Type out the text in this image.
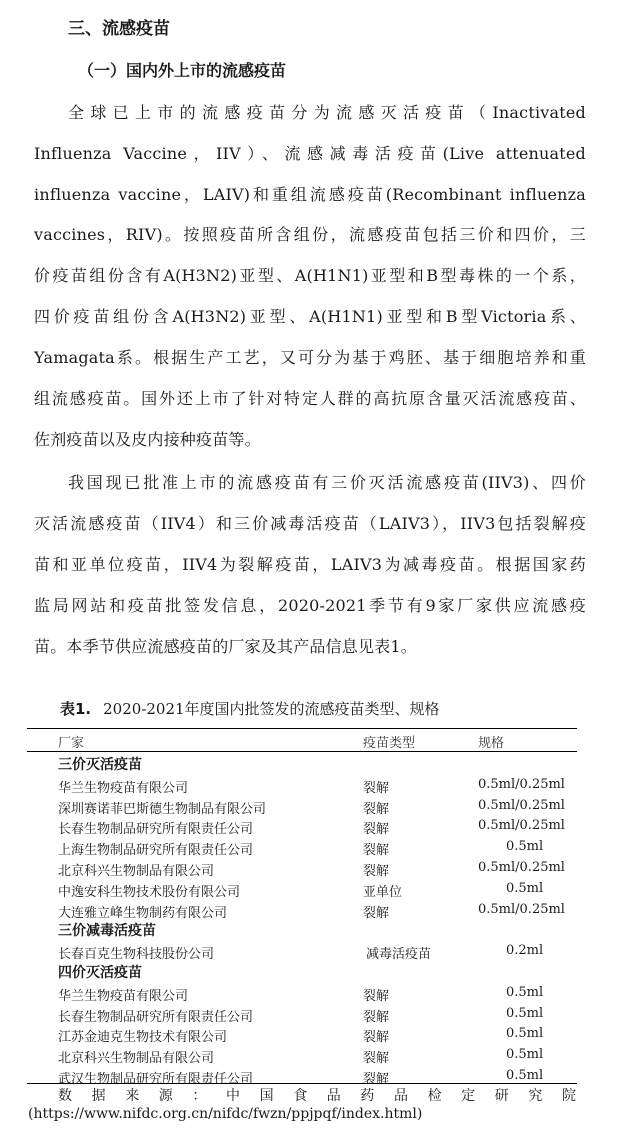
三、流感疫苗
（一）国内外上市的流感疫苗
全球已上市的流感疫苗分为流感灭活疫苗（Inactivated
Influenza Vaccine，IIV）、流感减毒活疫苗(Live attenuated
influenza vaccine，LAIV)和重组流感疫苗(Recombinant influenza
vaccines，RIV)。按照疫苗所含组份，流感疫苗包括三价和四价，三
价疫苗组份含有A(H3N2)亚型、A(H1N1)亚型和B型毒株的一个系，
四价疫苗组份含A(H3N2)亚型、A(H1N1)亚型和B型Victoria系、
Yamagata系。根据生产工艺，又可分为基于鸡胚、基于细胞培养和重
组流感疫苗。国外还上市了针对特定人群的高抗原含量灭活流感疫苗、
佐剂疫苗以及皮内接种疫苗等。
我国现已批准上市的流感疫苗有三价灭活流感疫苗(IIV3)、四价
灭活流感疫苗（IIV4）和三价减毒活疫苗（LAIV3），IIV3包括裂解疫
苗和亚单位疫苗，IIV4为裂解疫苗，LAIV3为减毒疫苗。根据国家药
监局网站和疫苗批签发信息，2020-2021季节有9家厂家供应流感疫
苗。本季节供应流感疫苗的厂家及其产品信息见表1。
表1. 2020-2021年度国内批签发的流感疫苗类型、规格
厂家	疫苗类型	规格
三价灭活疫苗
华兰生物疫苗有限公司	裂解	0.5ml/0.25ml
深圳赛诺菲巴斯德生物制品有限公司	裂解	0.5ml/0.25ml
长春生物制品研究所有限责任公司	裂解	0.5ml/0.25ml
上海生物制品研究所有限责任公司	裂解	0.5ml
北京科兴生物制品有限公司	裂解	0.5ml/0.25ml
中逸安科生物技术股份有限公司	亚单位	0.5ml
大连雅立峰生物制药有限公司	裂解	0.5ml/0.25ml
三价减毒活疫苗
长春百克生物科技股份公司	减毒活疫苗	0.2ml
四价灭活疫苗
华兰生物疫苗有限公司	裂解	0.5ml
长春生物制品研究所有限责任公司	裂解	0.5ml
江苏金迪克生物技术有限公司	裂解	0.5ml
北京科兴生物制品有限公司	裂解	0.5ml
武汉生物制品研究所有限责任公司	裂解	0.5ml
数据来源：中国食品药品检定研究院
(https://www.nifdc.org.cn/nifdc/fwzn/ppjpqf/index.html)
